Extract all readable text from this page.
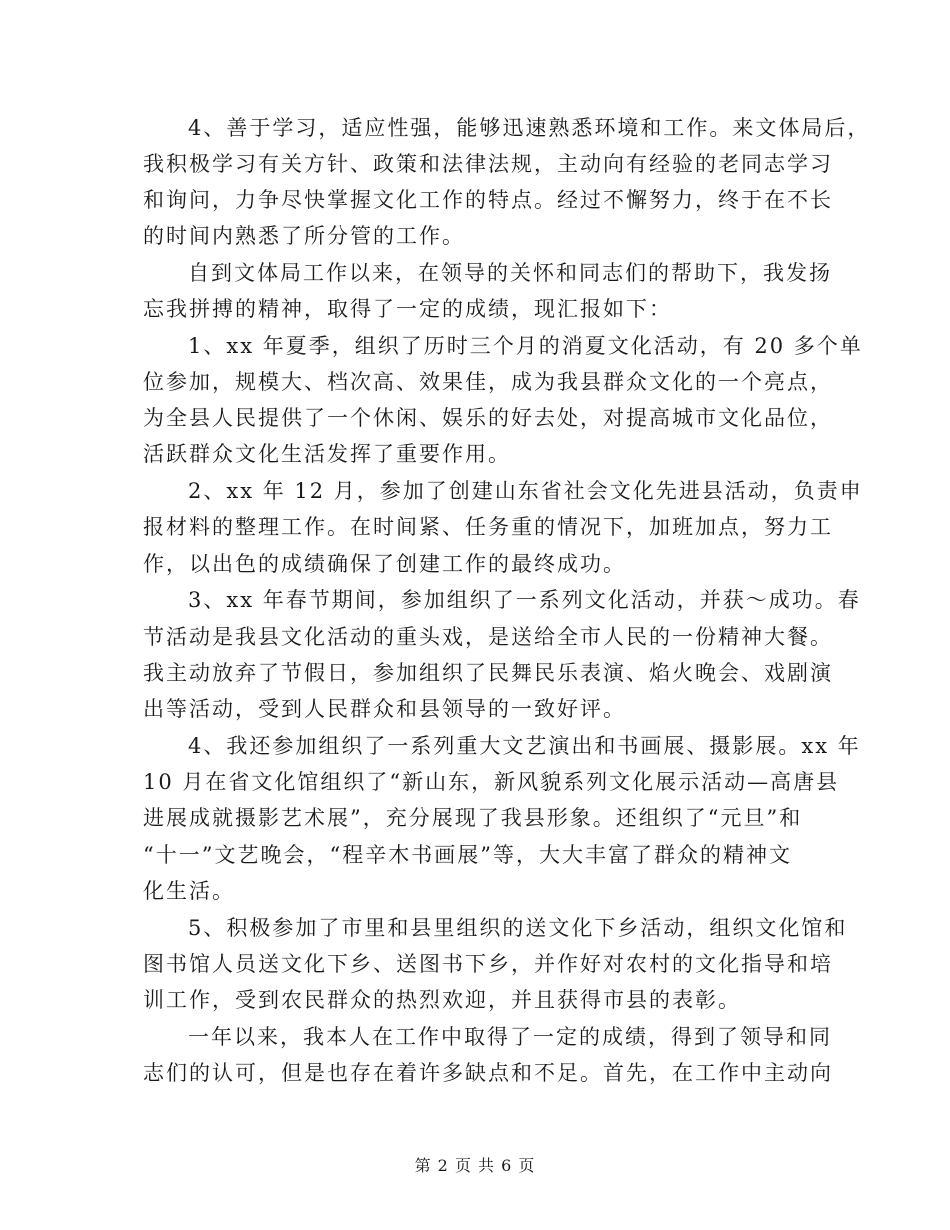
4、善于学习，适应性强，能够迅速熟悉环境和工作。来文体局后，
我积极学习有关方针、政策和法律法规，主动向有经验的老同志学习
和询问，力争尽快掌握文化工作的特点。经过不懈努力，终于在不长
的时间内熟悉了所分管的工作。
自到文体局工作以来，在领导的关怀和同志们的帮助下，我发扬
忘我拼搏的精神，取得了一定的成绩，现汇报如下：
1、xx 年夏季，组织了历时三个月的消夏文化活动，有 20 多个单
位参加，规模大、档次高、效果佳，成为我县群众文化的一个亮点，
为全县人民提供了一个休闲、娱乐的好去处，对提高城市文化品位，
活跃群众文化生活发挥了重要作用。
2、xx 年 12 月，参加了创建山东省社会文化先进县活动，负责申
报材料的整理工作。在时间紧、任务重的情况下，加班加点，努力工
作，以出色的成绩确保了创建工作的最终成功。
3、xx 年春节期间，参加组织了一系列文化活动，并获～成功。春
节活动是我县文化活动的重头戏，是送给全市人民的一份精神大餐。
我主动放弃了节假日，参加组织了民舞民乐表演、焰火晚会、戏剧演
出等活动，受到人民群众和县领导的一致好评。
4、我还参加组织了一系列重大文艺演出和书画展、摄影展。xx 年
10 月在省文化馆组织了“新山东，新风貌系列文化展示活动—高唐县
进展成就摄影艺术展”，充分展现了我县形象。还组织了“元旦”和
“十一”文艺晚会，“程辛木书画展”等，大大丰富了群众的精神文
化生活。
5、积极参加了市里和县里组织的送文化下乡活动，组织文化馆和
图书馆人员送文化下乡、送图书下乡，并作好对农村的文化指导和培
训工作，受到农民群众的热烈欢迎，并且获得市县的表彰。
一年以来，我本人在工作中取得了一定的成绩，得到了领导和同
志们的认可，但是也存在着许多缺点和不足。首先，在工作中主动向
第 2 页 共 6 页
